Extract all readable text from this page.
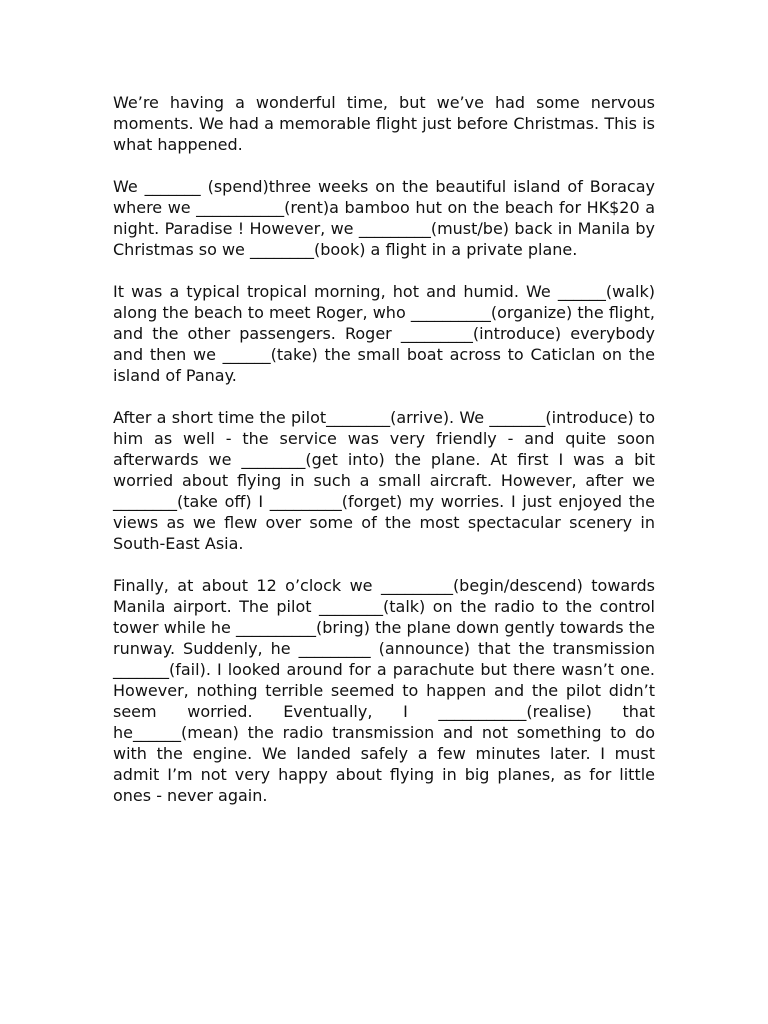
We’re having a wonderful time, but we’ve had some nervous moments. We had a memorable flight just before Christmas. This is what happened.

We _______ (spend)three weeks on the beautiful island of Boracay where we ___________(rent)a bamboo hut on the beach for HK$20 a night. Paradise ! However, we _________(must/be) back in Manila by Christmas so we ________(book) a flight in a private plane.

It was a typical tropical morning, hot and humid. We ______(walk) along the beach to meet Roger, who __________(organize) the flight, and the other passengers. Roger _________(introduce) everybody and then we ______(take) the small boat across to Caticlan on the island of Panay.

After a short time the pilot________(arrive). We _______(introduce) to him as well - the service was very friendly - and quite soon afterwards we ________(get into) the plane. At first I was a bit worried about flying in such a small aircraft. However, after we ________(take off) I _________(forget) my worries. I just enjoyed the views as we flew over some of the most spectacular scenery in South-East Asia.

Finally, at about 12 o’clock we _________(begin/descend) towards Manila airport. The pilot ________(talk) on the radio to the control tower while he __________(bring) the plane down gently towards the runway. Suddenly, he _________ (announce) that the transmission _______(fail). I looked around for a parachute but there wasn’t one. However, nothing terrible seemed to happen and the pilot didn’t seem worried. Eventually, I ___________(realise) that he______(mean) the radio transmission and not something to do with the engine. We landed safely a few minutes later. I must admit I’m not very happy about flying in big planes, as for little ones - never again.
